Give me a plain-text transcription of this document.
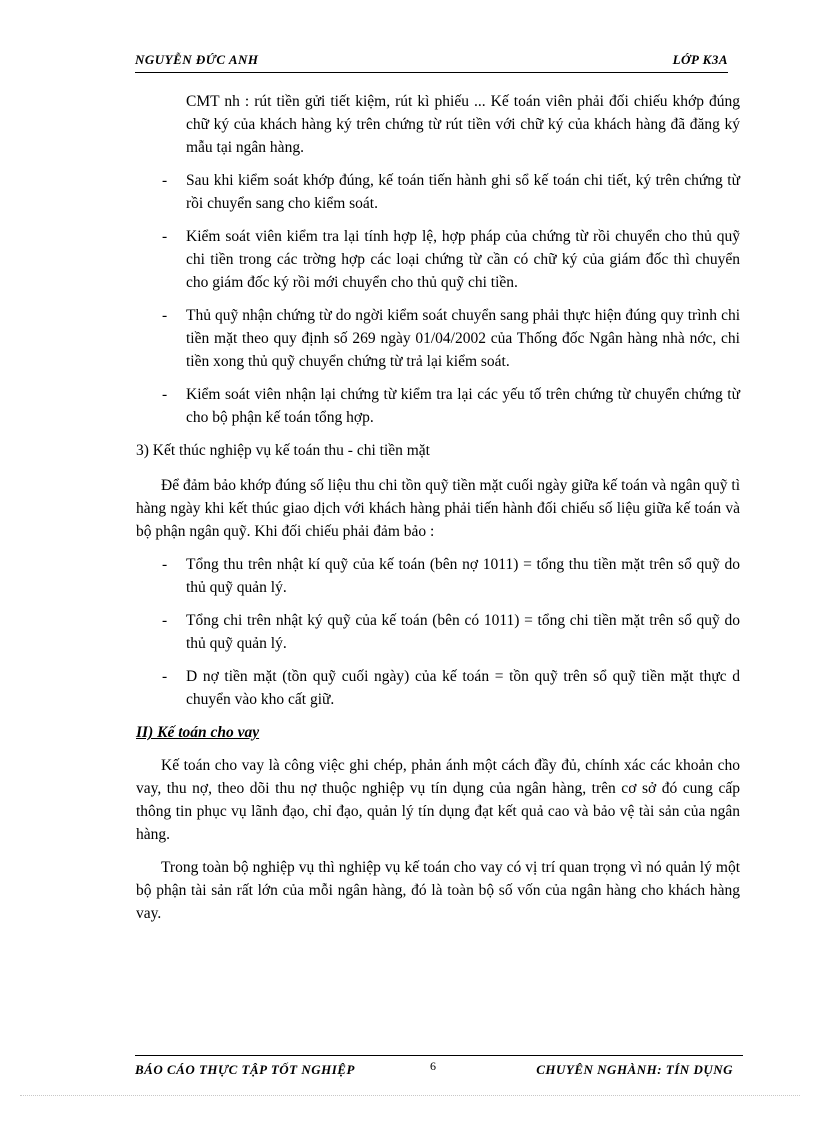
NGUYỄN ĐỨC ANH	LỚP K3A

CMT nh : rút tiền gửi tiết kiệm, rút kì phiếu ... Kế toán viên phải đối chiếu khớp đúng chữ ký của khách hàng ký trên chứng từ rút tiền với chữ ký của khách hàng đã đăng ký mẫu tại ngân hàng.

- Sau khi kiểm soát khớp đúng, kế toán tiến hành ghi sổ kế toán chi tiết, ký trên chứng từ rồi chuyển sang cho kiểm soát.

- Kiểm soát viên kiểm tra lại tính hợp lệ, hợp pháp của chứng từ rồi chuyển cho thủ quỹ chi tiền trong các trờng hợp các loại chứng từ cần có chữ ký của giám đốc thì chuyển cho giám đốc ký rồi mới chuyển cho thủ quỹ chi tiền.

- Thủ quỹ nhận chứng từ do ngời kiểm soát chuyển sang phải thực hiện đúng quy trình chi tiền mặt theo quy định số 269 ngày 01/04/2002 của Thống đốc Ngân hàng nhà nớc, chi tiền xong thủ quỹ chuyển chứng từ trả lại kiểm soát.

- Kiểm soát viên nhận lại chứng từ kiểm tra lại các yếu tố trên chứng từ chuyển chứng từ cho bộ phận kế toán tổng hợp.

3) Kết thúc nghiệp vụ kế toán thu - chi tiền mặt

Để đảm bảo khớp đúng số liệu thu chi tồn quỹ tiền mặt cuối ngày giữa kế toán và ngân quỹ tì hàng ngày khi kết thúc giao dịch với khách hàng phải tiến hành đối chiếu số liệu giữa kế toán và bộ phận ngân quỹ. Khi đối chiếu phải đảm bảo :

- Tổng thu trên nhật kí quỹ của kế toán (bên nợ 1011) = tổng thu tiền mặt trên sổ quỹ do thủ quỹ quản lý.

- Tổng chi trên nhật ký quỹ của kế toán (bên có 1011) = tổng chi tiền mặt trên sổ quỹ do thủ quỹ quản lý.

- D nợ tiền mặt (tồn quỹ cuối ngày) của kế toán = tồn quỹ trên sổ quỹ tiền mặt thực d chuyển vào kho cất giữ.

II) Kế toán cho vay

Kế toán cho vay là công việc ghi chép, phản ánh một cách đầy đủ, chính xác các khoản cho vay, thu nợ, theo dõi thu nợ thuộc nghiệp vụ tín dụng của ngân hàng, trên cơ sở đó cung cấp thông tin phục vụ lãnh đạo, chỉ đạo, quản lý tín dụng đạt kết quả cao và bảo vệ tài sản của ngân hàng.

Trong toàn bộ nghiệp vụ thì nghiệp vụ kế toán cho vay có vị trí quan trọng vì nó quản lý một bộ phận tài sản rất lớn của mỗi ngân hàng, đó là toàn bộ số vốn của ngân hàng cho khách hàng vay.

BÁO CÁO THỰC TẬP TỐT NGHIỆP	6	CHUYÊN NGHÀNH: TÍN DỤNG
